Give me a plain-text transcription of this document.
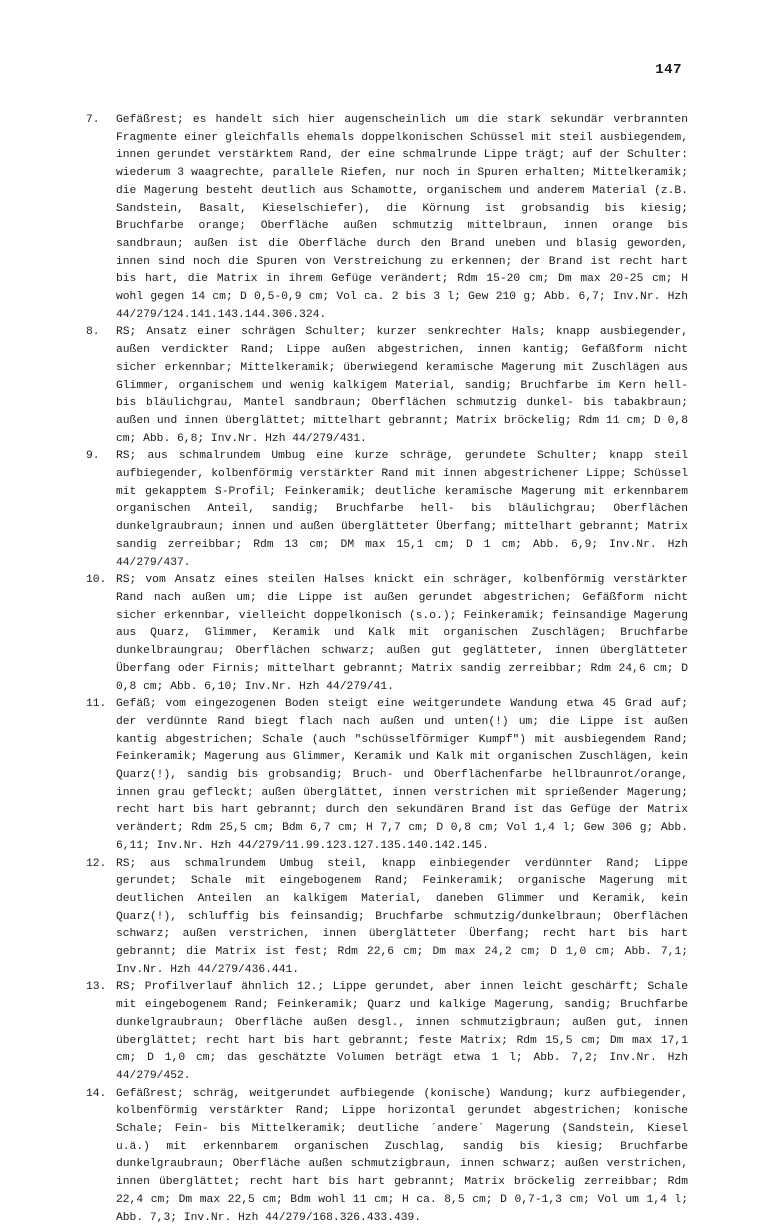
147
7.	Gefäßrest; es handelt sich hier augenscheinlich um die stark sekundär verbrannten Fragmente einer gleichfalls ehemals doppelkonischen Schüssel mit steil ausbiegendem, innen gerundet verstärktem Rand, der eine schmalrunde Lippe trägt; auf der Schulter: wiederum 3 waagrechte, parallele Riefen, nur noch in Spuren erhalten; Mittelkeramik; die Magerung besteht deutlich aus Schamotte, organischem und anderem Material (z.B. Sandstein, Basalt, Kieselschiefer), die Körnung ist grobsandig bis kiesig; Bruchfarbe orange; Oberfläche außen schmutzig mittelbraun, innen orange bis sandbraun; außen ist die Oberfläche durch den Brand uneben und blasig geworden, innen sind noch die Spuren von Verstreichung zu erkennen; der Brand ist recht hart bis hart, die Matrix in ihrem Gefüge verändert; Rdm 15-20 cm; Dm max 20-25 cm; H wohl gegen 14 cm; D 0,5-0,9 cm; Vol ca. 2 bis 3 l; Gew 210 g; Abb. 6,7; Inv.Nr. Hzh 44/279/124.141.143.144.306.324.
8.	RS; Ansatz einer schrägen Schulter; kurzer senkrechter Hals; knapp ausbiegender, außen verdickter Rand; Lippe außen abgestrichen, innen kantig; Gefäßform nicht sicher erkennbar; Mittelkeramik; überwiegend keramische Magerung mit Zuschlägen aus Glimmer, organischem und wenig kalkigem Material, sandig; Bruchfarbe im Kern hell- bis bläulichgrau, Mantel sandbraun; Oberflächen schmutzig dunkel- bis tabakbraun; außen und innen überglättet; mittelhart gebrannt; Matrix bröckelig; Rdm 11 cm; D 0,8 cm; Abb. 6,8; Inv.Nr. Hzh 44/279/431.
9.	RS; aus schmalrundem Umbug eine kurze schräge, gerundete Schulter; knapp steil aufbiegender, kolbenförmig verstärkter Rand mit innen abgestrichener Lippe; Schüssel mit gekapptem S-Profil; Feinkeramik; deutliche keramische Magerung mit erkennbarem organischen Anteil, sandig; Bruchfarbe hell- bis bläulichgrau; Oberflächen dunkelgraubraun; innen und außen überglätteter Überfang; mittelhart gebrannt; Matrix sandig zerreibbar; Rdm 13 cm; DM max 15,1 cm; D 1 cm; Abb. 6,9; Inv.Nr. Hzh 44/279/437.
10. RS; vom Ansatz eines steilen Halses knickt ein schräger, kolbenförmig verstärkter Rand nach außen um; die Lippe ist außen gerundet abgestrichen; Gefäßform nicht sicher erkennbar, vielleicht doppelkonisch (s.o.); Feinkeramik; feinsandige Magerung aus Quarz, Glimmer, Keramik und Kalk mit organischen Zuschlägen; Bruchfarbe dunkelbraungrau; Oberflächen schwarz; außen gut geglätteter, innen überglätteter Überfang oder Firnis; mittelhart gebrannt; Matrix sandig zerreibbar; Rdm 24,6 cm; D 0,8 cm; Abb. 6,10; Inv.Nr. Hzh 44/279/41.
11. Gefäß; vom eingezogenen Boden steigt eine weitgerundete Wandung etwa 45 Grad auf; der verdünnte Rand biegt flach nach außen und unten(!) um; die Lippe ist außen kantig abgestrichen; Schale (auch "schüsselförmiger Kumpf") mit ausbiegendem Rand; Feinkeramik; Magerung aus Glimmer, Keramik und Kalk mit organischen Zuschlägen, kein Quarz(!), sandig bis grobsandig; Bruch- und Oberflächenfarbe hellbraunrot/orange, innen grau gefleckt; außen überglättet, innen verstrichen mit sprießender Magerung; recht hart bis hart gebrannt; durch den sekundären Brand ist das Gefüge der Matrix verändert; Rdm 25,5 cm; Bdm 6,7 cm; H 7,7 cm; D 0,8 cm; Vol 1,4 l; Gew 306 g; Abb. 6,11; Inv.Nr. Hzh 44/279/11.99.123.127.135.140.142.145.
12. RS; aus schmalrundem Umbug steil, knapp einbiegender verdünnter Rand; Lippe gerundet; Schale mit eingebogenem Rand; Feinkeramik; organische Magerung mit deutlichen Anteilen an kalkigem Material, daneben Glimmer und Keramik, kein Quarz(!), schluffig bis feinsandig; Bruchfarbe schmutzig/dunkelbraun; Oberflächen schwarz; außen verstrichen, innen überglätteter Überfang; recht hart bis hart gebrannt; die Matrix ist fest; Rdm 22,6 cm; Dm max 24,2 cm; D 1,0 cm; Abb. 7,1; Inv.Nr. Hzh 44/279/436.441.
13. RS; Profilverlauf ähnlich 12.; Lippe gerundet, aber innen leicht geschärft; Schale mit eingebogenem Rand; Feinkeramik; Quarz und kalkige Magerung, sandig; Bruchfarbe dunkelgraubraun; Oberfläche außen desgl., innen schmutzigbraun; außen gut, innen überglättet; recht hart bis hart gebrannt; feste Matrix; Rdm 15,5 cm; Dm max 17,1 cm; D 1,0 cm; das geschätzte Volumen beträgt etwa 1 l; Abb. 7,2; Inv.Nr. Hzh 44/279/452.
14. Gefäßrest; schräg, weitgerundet aufbiegende (konische) Wandung; kurz aufbiegender, kolbenförmig verstärkter Rand; Lippe horizontal gerundet abgestrichen; konische Schale; Fein- bis Mittelkeramik; deutliche ´andere´ Magerung (Sandstein, Kiesel u.ä.) mit erkennbarem organischen Zuschlag, sandig bis kiesig; Bruchfarbe dunkelgraubraun; Oberfläche außen schmutzigbraun, innen schwarz; außen verstrichen, innen überglättet; recht hart bis hart gebrannt; Matrix bröckelig zerreibbar; Rdm 22,4 cm; Dm max 22,5 cm; Bdm wohl 11 cm; H ca. 8,5 cm; D 0,7-1,3 cm; Vol um 1,4 l; Abb. 7,3; Inv.Nr. Hzh 44/279/168.326.433.439.
